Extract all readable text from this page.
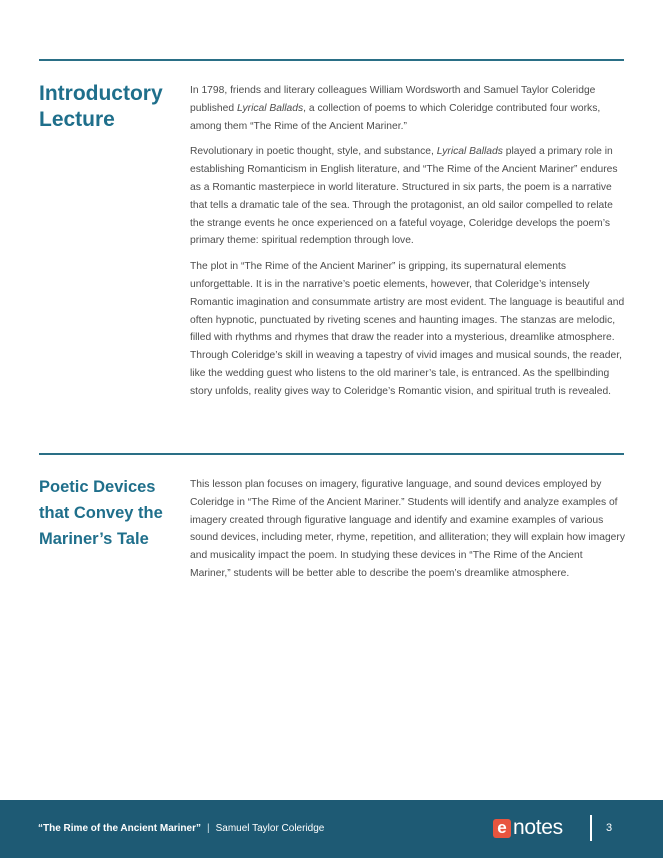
Introductory Lecture

In 1798, friends and literary colleagues William Wordsworth and Samuel Taylor Coleridge published Lyrical Ballads, a collection of poems to which Coleridge contributed four works, among them “The Rime of the Ancient Mariner.”

Revolutionary in poetic thought, style, and substance, Lyrical Ballads played a primary role in establishing Romanticism in English literature, and “The Rime of the Ancient Mariner” endures as a Romantic masterpiece in world literature. Structured in six parts, the poem is a narrative that tells a dramatic tale of the sea. Through the protagonist, an old sailor compelled to relate the strange events he once experienced on a fateful voyage, Coleridge develops the poem’s primary theme: spiritual redemption through love.

The plot in “The Rime of the Ancient Mariner” is gripping, its supernatural elements unforgettable. It is in the narrative’s poetic elements, however, that Coleridge’s intensely Romantic imagination and consummate artistry are most evident. The language is beautiful and often hypnotic, punctuated by riveting scenes and haunting images. The stanzas are melodic, filled with rhythms and rhymes that draw the reader into a mysterious, dreamlike atmosphere. Through Coleridge’s skill in weaving a tapestry of vivid images and musical sounds, the reader, like the wedding guest who listens to the old mariner’s tale, is entranced. As the spellbinding story unfolds, reality gives way to Coleridge’s Romantic vision, and spiritual truth is revealed.

Poetic Devices that Convey the Mariner’s Tale

This lesson plan focuses on imagery, figurative language, and sound devices employed by Coleridge in “The Rime of the Ancient Mariner.” Students will identify and analyze examples of imagery created through figurative language and identify and examine examples of various sound devices, including meter, rhyme, repetition, and alliteration; they will explain how imagery and musicality impact the poem. In studying these devices in “The Rime of the Ancient Mariner,” students will be better able to describe the poem’s dreamlike atmosphere.

“The Rime of the Ancient Mariner” | Samuel Taylor Coleridge	e notes	3
